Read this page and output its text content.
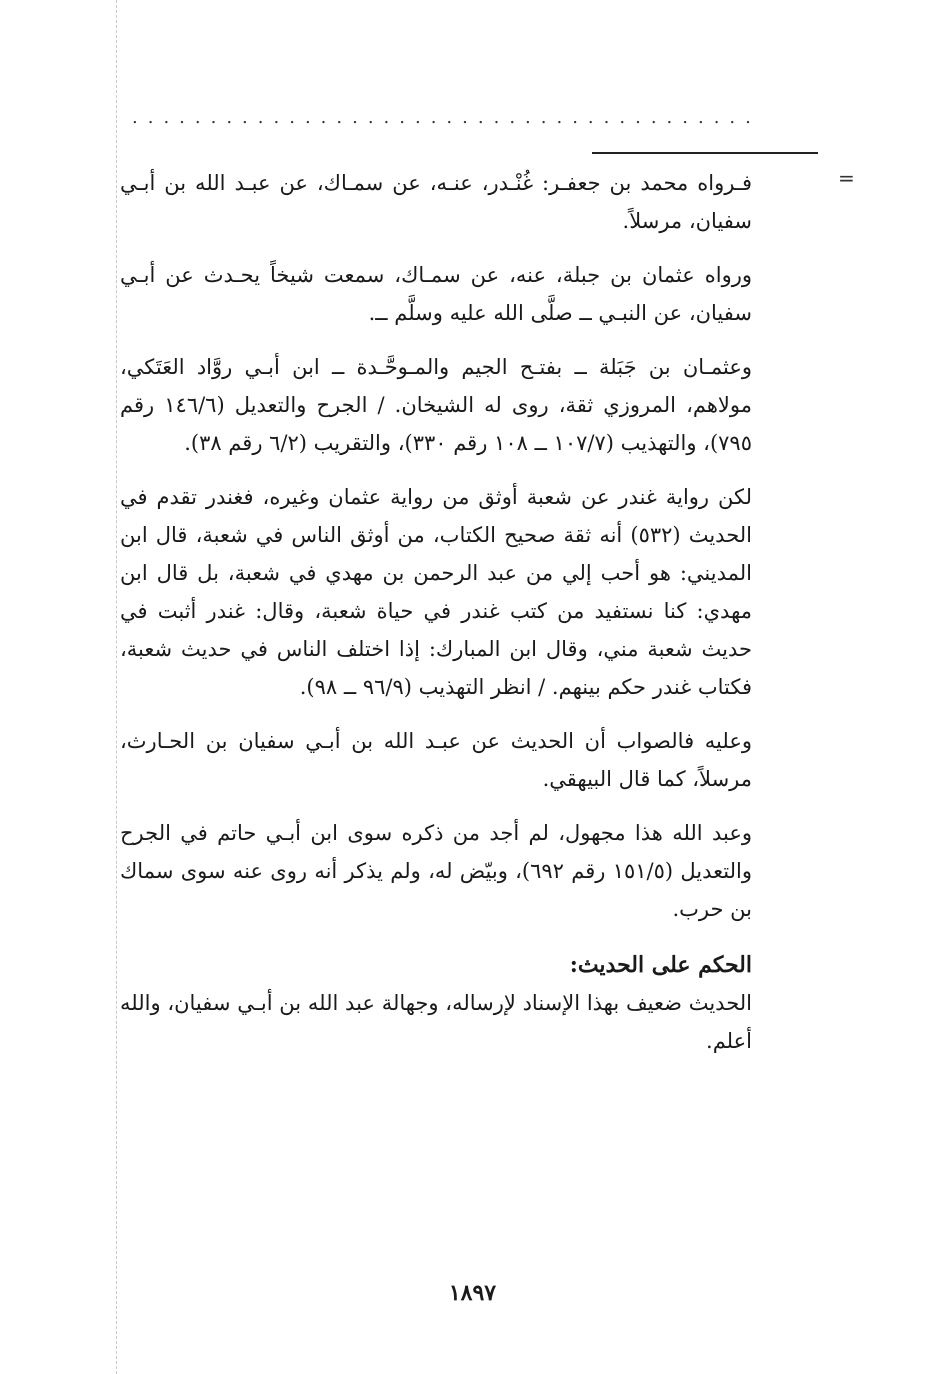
........................................
=

فـرواه محمد بن جعفـر: غُنْـدر، عنـه، عن سمـاك، عن عبـد الله بن أبـي سفيان، مرسلاً.

ورواه عثمان بن جبلة، عنه، عن سمـاك، سمعت شيخاً يحـدث عن أبـي سفيان، عن النبـي ــ صلَّى الله عليه وسلَّم ــ.

وعثمـان بن جَبَلة ــ بفتـح الجيم والمـوحَّـدة ــ ابن أبـي روَّاد العَتَكي، مولاهم، المروزي ثقة، روى له الشيخان. / الجرح والتعديل (١٤٦/٦ رقم ٧٩٥)، والتهذيب (١٠٧/٧ ــ ١٠٨ رقم ٣٣٠)، والتقريب (٦/٢ رقم ٣٨).

لكن رواية غندر عن شعبة أوثق من رواية عثمان وغيره، فغندر تقدم في الحديث (٥٣٢) أنه ثقة صحيح الكتاب، من أوثق الناس في شعبة، قال ابن المديني: هو أحب إلي من عبد الرحمن بن مهدي في شعبة، بل قال ابن مهدي: كنا نستفيد من كتب غندر في حياة شعبة، وقال: غندر أثبت في حديث شعبة مني، وقال ابن المبارك: إذا اختلف الناس في حديث شعبة، فكتاب غندر حكم بينهم. / انظر التهذيب (٩٦/٩ ــ ٩٨).

وعليه فالصواب أن الحديث عن عبـد الله بن أبـي سفيان بن الحـارث، مرسلاً، كما قال البيهقي.

وعبد الله هذا مجهول، لم أجد من ذكره سوى ابن أبـي حاتم في الجرح والتعديل (١٥١/٥ رقم ٦٩٢)، وبيّض له، ولم يذكر أنه روى عنه سوى سماك بن حرب.

الحكم على الحديث:

الحديث ضعيف بهذا الإسناد لإرساله، وجهالة عبد الله بن أبـي سفيان، والله أعلم.

١٨٩٧
